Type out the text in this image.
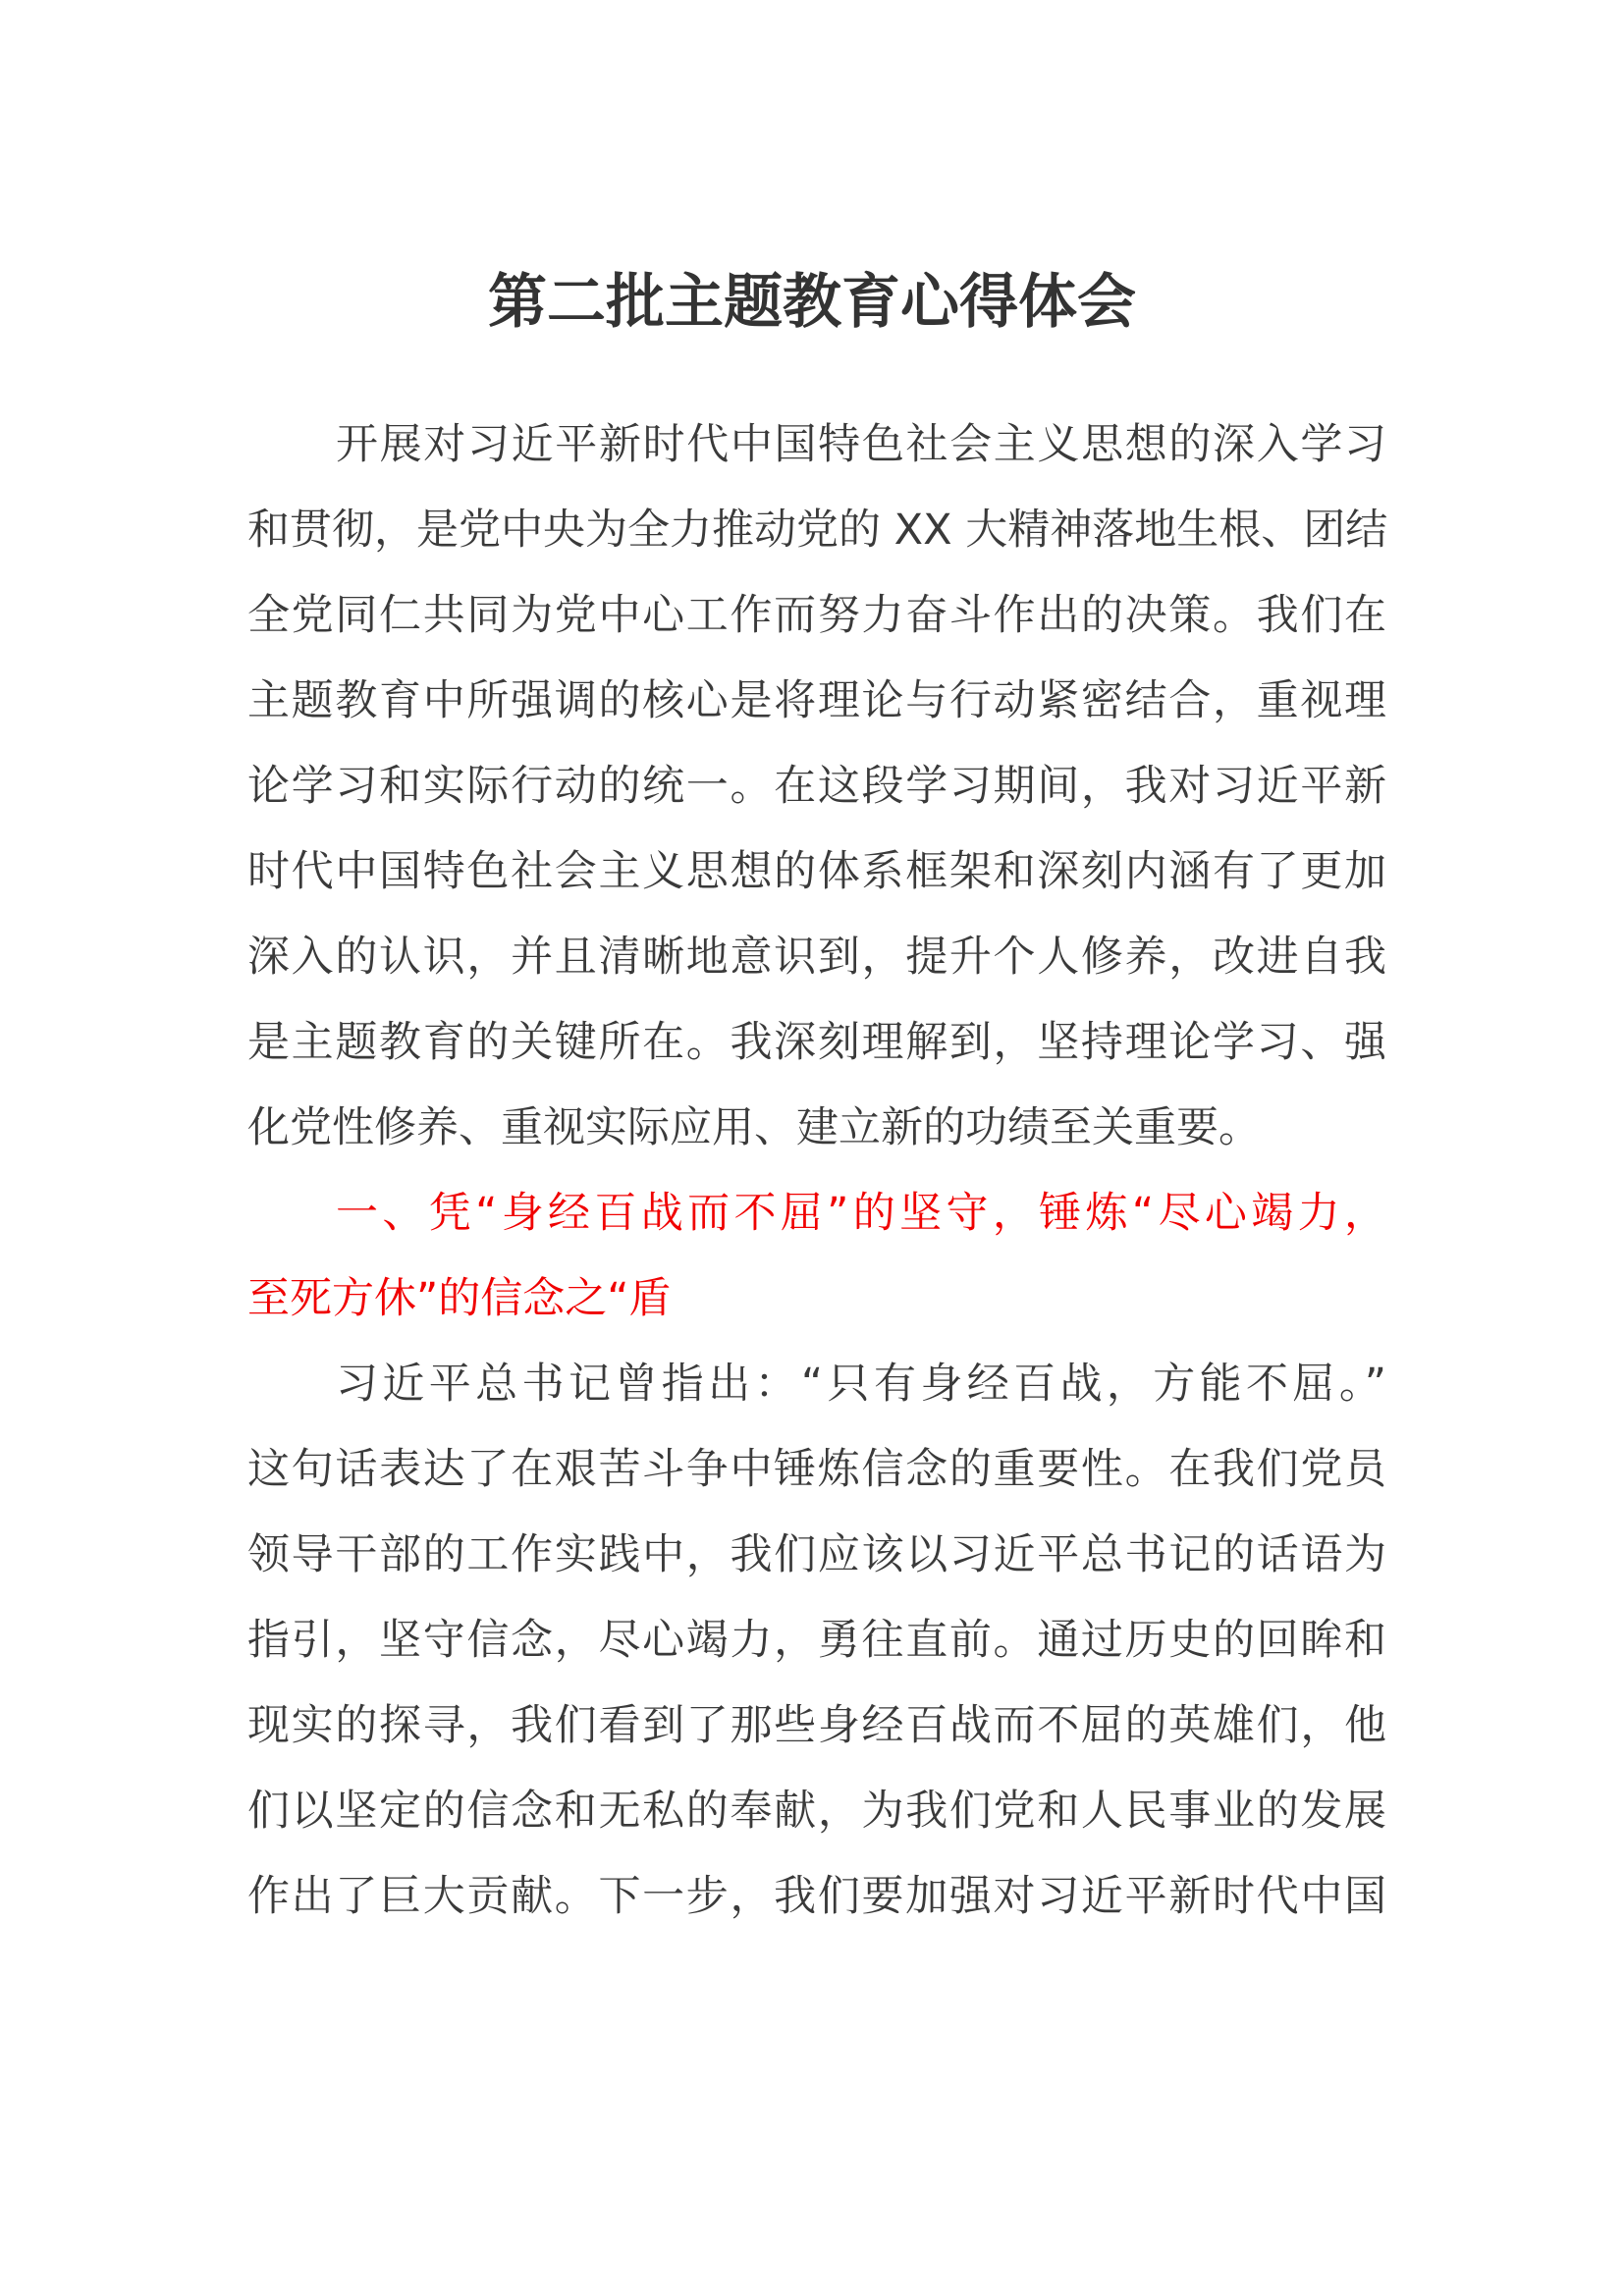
第二批主题教育心得体会
开展对习近平新时代中国特色社会主义思想的深入学习
和贯彻，是党中央为全力推动党的 XX 大精神落地生根、团结
全党同仁共同为党中心工作而努力奋斗作出的决策。我们在
主题教育中所强调的核心是将理论与行动紧密结合，重视理
论学习和实际行动的统一。在这段学习期间，我对习近平新
时代中国特色社会主义思想的体系框架和深刻内涵有了更加
深入的认识，并且清晰地意识到，提升个人修养，改进自我
是主题教育的关键所在。我深刻理解到，坚持理论学习、强
化党性修养、重视实际应用、建立新的功绩至关重要。
一、凭“身经百战而不屈”的坚守，锤炼“尽心竭力，
至死方休”的信念之“盾
习近平总书记曾指出：“只有身经百战，方能不屈。”
这句话表达了在艰苦斗争中锤炼信念的重要性。在我们党员
领导干部的工作实践中，我们应该以习近平总书记的话语为
指引，坚守信念，尽心竭力，勇往直前。通过历史的回眸和
现实的探寻，我们看到了那些身经百战而不屈的英雄们，他
们以坚定的信念和无私的奉献，为我们党和人民事业的发展
作出了巨大贡献。下一步，我们要加强对习近平新时代中国
